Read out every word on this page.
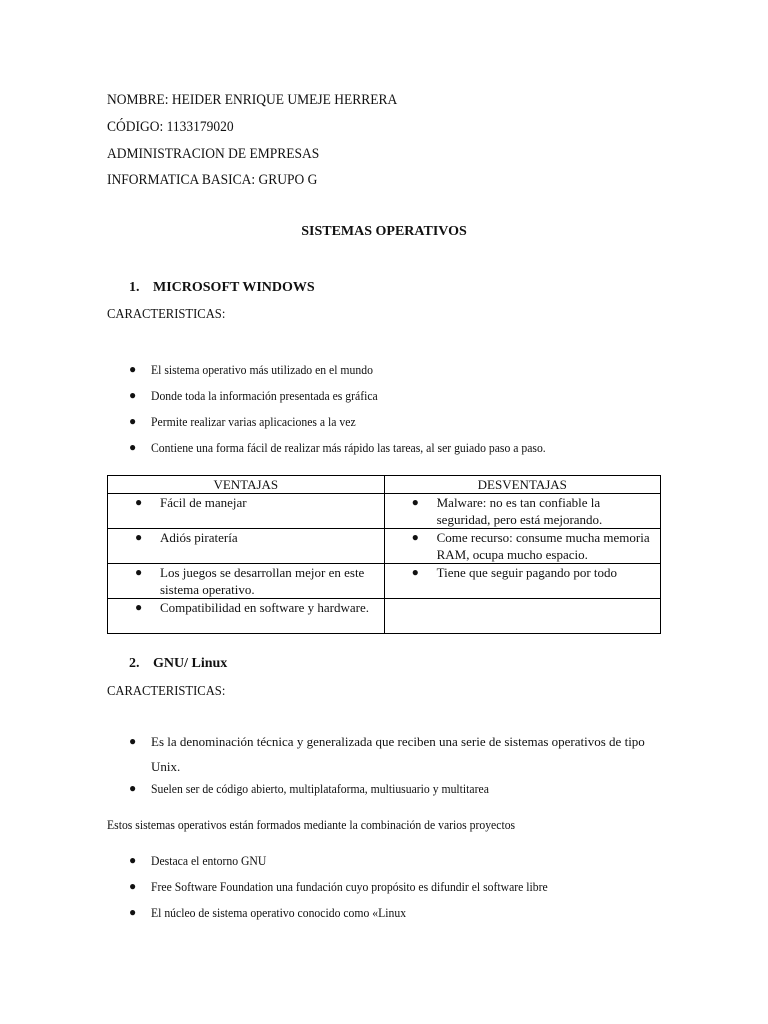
NOMBRE: HEIDER ENRIQUE UMEJE HERRERA
CÓDIGO: 1133179020
ADMINISTRACION DE EMPRESAS
INFORMATICA BASICA: GRUPO G
SISTEMAS OPERATIVOS
1. MICROSOFT WINDOWS
CARACTERISTICAS:
● El sistema operativo más utilizado en el mundo
● Donde toda la información presentada es gráfica
● Permite realizar varias aplicaciones a la vez
● Contiene una forma fácil de realizar más rápido las tareas, al ser guiado paso a paso.
VENTAJAS	DESVENTAJAS

● Fácil de manejar	● Malware: no es tan confiable la seguridad, pero está mejorando.

● Adiós piratería	● Come recurso: consume mucha memoria RAM, ocupa mucho espacio.

● Los juegos se desarrollan mejor en este sistema operativo.	● Tiene que seguir pagando por todo

● Compatibilidad en software y hardware.	

2. GNU/ Linux
CARACTERISTICAS:
● Es la denominación técnica y generalizada que reciben una serie de sistemas operativos de tipo Unix.
● Suelen ser de código abierto, multiplataforma, multiusuario y multitarea
Estos sistemas operativos están formados mediante la combinación de varios proyectos
● Destaca el entorno GNU
● Free Software Foundation una fundación cuyo propósito es difundir el software libre
● El núcleo de sistema operativo conocido como «Linux
